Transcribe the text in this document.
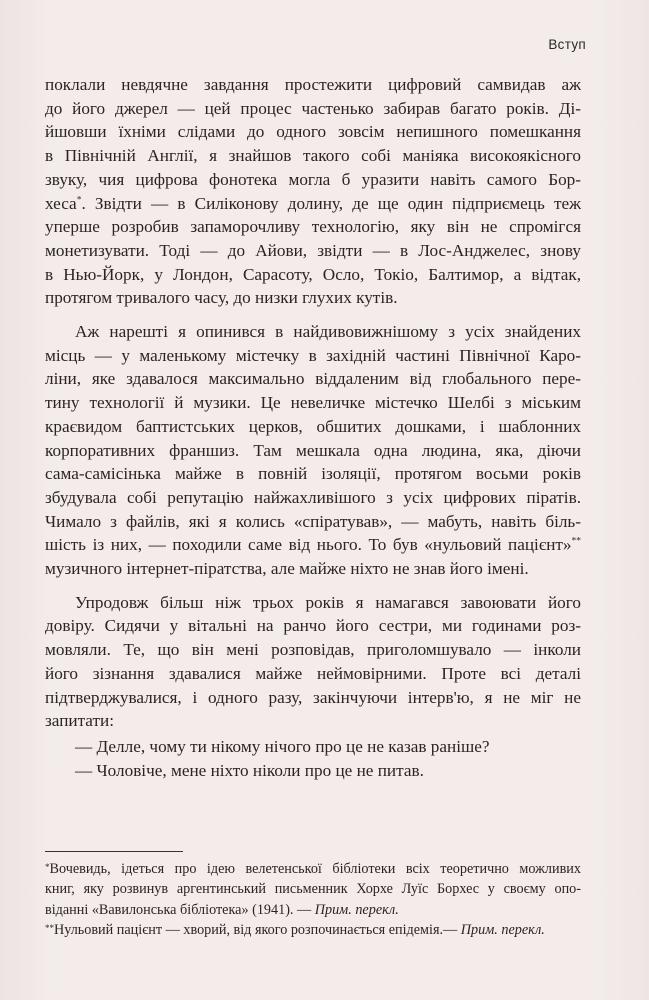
Вступ
поклали невдячне завдання простежити цифровий самвидав аж
до його джерел — цей процес частенько забирав багато років. Ді-
йшовши їхніми слідами до одного зовсім непишного помешкання
в Північній Англії, я знайшов такого собі маніяка високоякісного
звуку, чия цифрова фонотека могла б уразити навіть самого Бор-
хеса*. Звідти — в Силіконову долину, де ще один підприємець теж
уперше розробив запаморочливу технологію, яку він не спромігся
монетизувати. Тоді — до Айови, звідти — в Лос-Анджелес, знову
в Нью-Йорк, у Лондон, Сарасоту, Осло, Токіо, Балтимор, а відтак,
протягом тривалого часу, до низки глухих кутів.
Аж нарешті я опинився в найдивовижнішому з усіх знайдених
місць — у маленькому містечку в західній частині Північної Каро-
ліни, яке здавалося максимально віддаленим від глобального пере-
тину технології й музики. Це невеличке містечко Шелбі з міським
краєвидом баптистських церков, обшитих дошками, і шаблонних
корпоративних франшиз. Там мешкала одна людина, яка, діючи
сама-самісінька майже в повній ізоляції, протягом восьми років
збудувала собі репутацію найжахливішого з усіх цифрових піратів.
Чимало з файлів, які я колись «спіратував», — мабуть, навіть біль-
шість із них, — походили саме від нього. То був «нульовий пацієнт»**
музичного інтернет-піратства, але майже ніхто не знав його імені.
Упродовж більш ніж трьох років я намагався завоювати його
довіру. Сидячи у вітальні на ранчо його сестри, ми годинами роз-
мовляли. Те, що він мені розповідав, приголомшувало — інколи
його зізнання здавалися майже неймовірними. Проте всі деталі
підтверджувалися, і одного разу, закінчуючи інтерв'ю, я не міг не
запитати:
— Делле, чому ти нікому нічого про це не казав раніше?
— Чоловіче, мене ніхто ніколи про це не питав.
*Вочевидь, ідеться про ідею велетенської бібліотеки всіх теоретично можливих
книг, яку розвинув аргентинський письменник Хорхе Луїс Борхес у своєму опо-
віданні «Вавилонська бібліотека» (1941). — Прим. перекл.
**Нульовий пацієнт — хворий, від якого розпочинається епідемія.— Прим. перекл.
